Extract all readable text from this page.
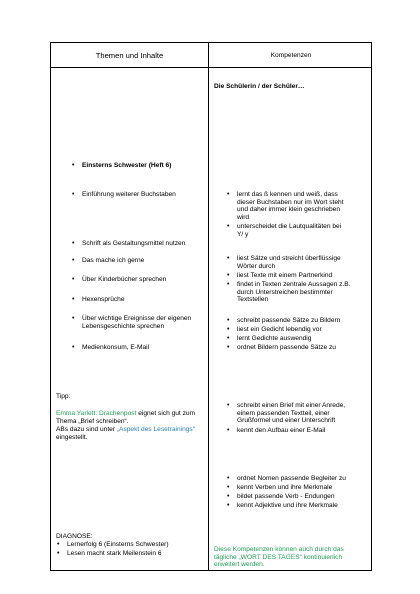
Themen und Inhalte	Kompetenzen
• Einsterns Schwester (Heft 6)
• Einführung weiterer Buchstaben
• Schrift als Gestaltungsmittel nutzen
• Das mache ich gerne
• Über Kinderbücher sprechen
• Hexensprüche
• Über wichtige Ereignisse der eigenen
Lebensgeschichte sprechen
• Medienkonsum, E-Mail
Tipp:
Emma Yarlett: Drachenpost eignet sich gut zum
Thema „Brief schreiben“.
ABs dazu sind unter „Aspekt des Lesetrainings“
eingestellt.
DIAGNOSE:
• Lernerfolg 6 (Einsterns Schwester)
• Lesen macht stark Meilenstein 6
Die Schülerin / der Schüler…
• lernt das ß kennen und weiß, dass
dieser Buchstaben nur im Wort steht
und daher immer klein geschrieben
wird
• unterscheidet die Lautqualitäten bei
Y/ y
• liest Sätze und streicht überflüssige
Wörter durch
• liest Texte mit einem Partnerkind
• findet in Texten zentrale Aussagen z.B.
durch Unterstreichen bestimmter
Textstellen
• schreibt passende Sätze zu Bildern
• liest ein Gedicht lebendig vor
• lernt Gedichte auswendig
• ordnet Bildern passende Sätze zu
• schreibt einen Brief mit einer Anrede,
einem passenden Textteil, einer
Grußformel und einer Unterschrift
• kennt den Aufbau einer E-Mail
• ordnet Nomen passende Begleiter zu
• kennt Verben und ihre Merkmale
• bildet passende Verb - Endungen
• kennt Adjektive und ihre Merkmale
Diese Kompetenzen können auch durch das
tägliche „WORT DES TAGES“ kontinuierlich
erweitert werden.
